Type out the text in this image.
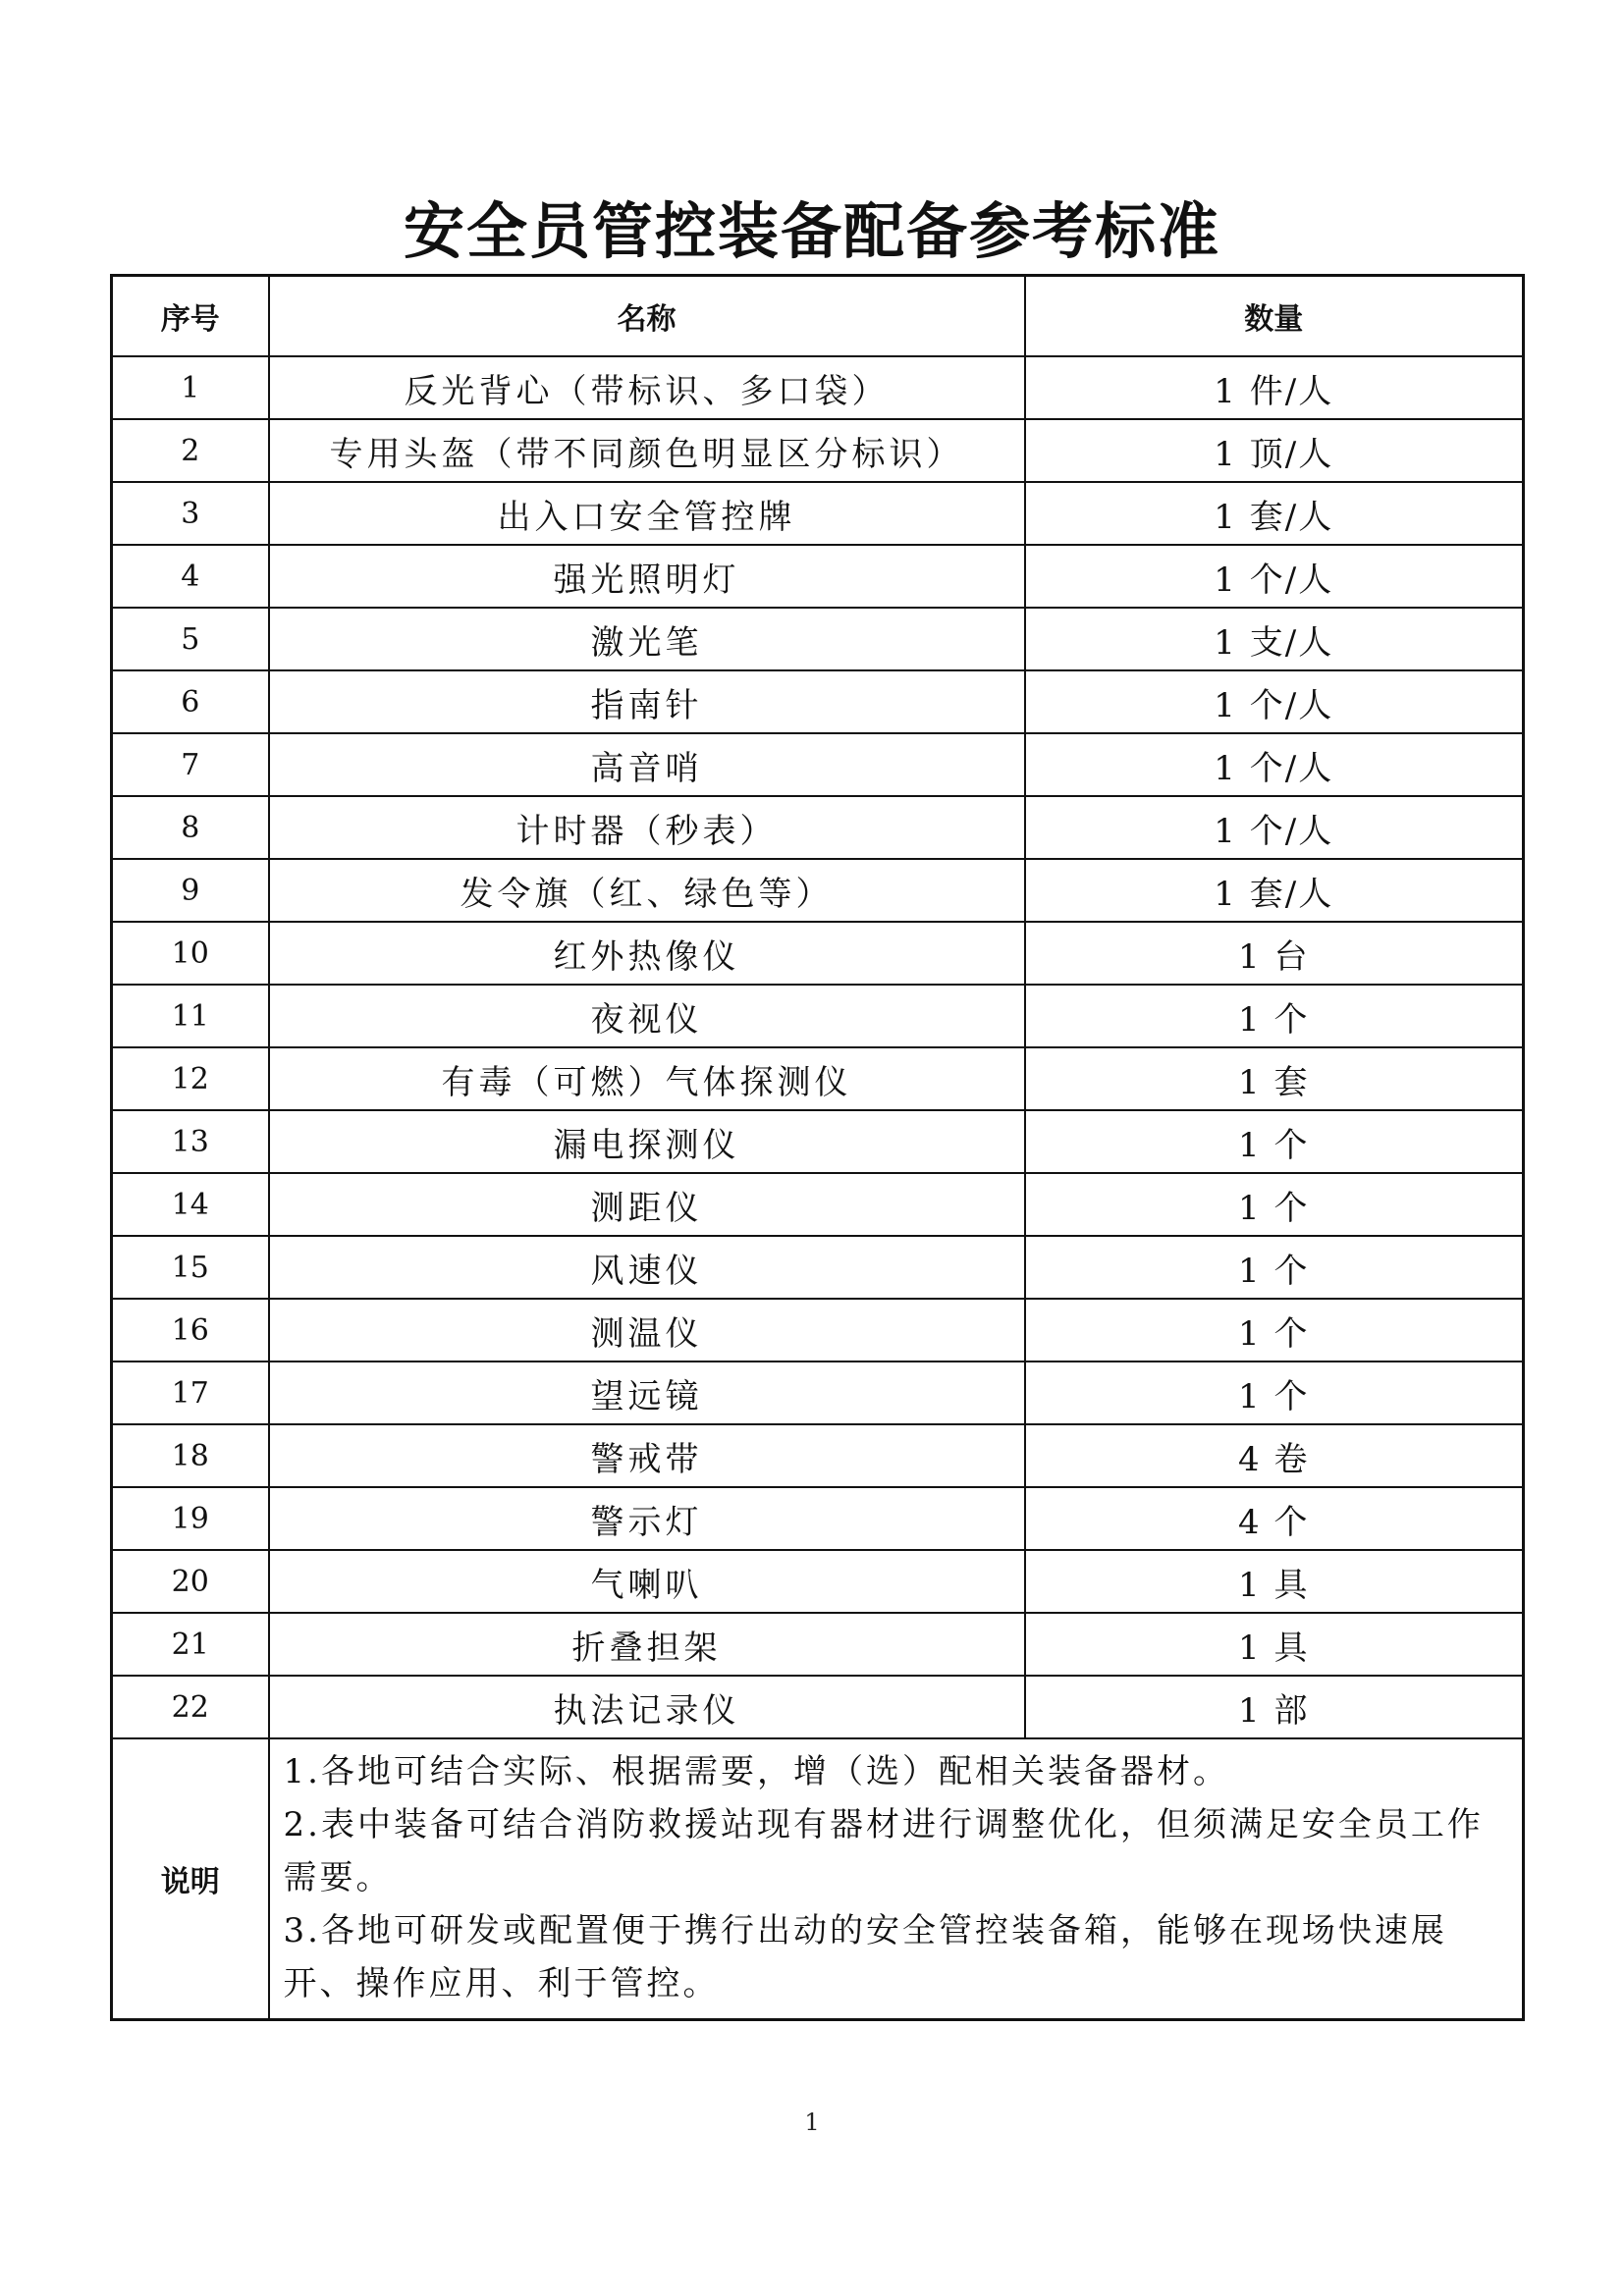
安全员管控装备配备参考标准
序号	名称	数量
1	反光背心（带标识、多口袋）	1 件/人
2	专用头盔（带不同颜色明显区分标识）	1 顶/人
3	出入口安全管控牌	1 套/人
4	强光照明灯	1 个/人
5	激光笔	1 支/人
6	指南针	1 个/人
7	高音哨	1 个/人
8	计时器（秒表）	1 个/人
9	发令旗（红、绿色等）	1 套/人
10	红外热像仪	1 台
11	夜视仪	1 个
12	有毒（可燃）气体探测仪	1 套
13	漏电探测仪	1 个
14	测距仪	1 个
15	风速仪	1 个
16	测温仪	1 个
17	望远镜	1 个
18	警戒带	4 卷
19	警示灯	4 个
20	气喇叭	1 具
21	折叠担架	1 具
22	执法记录仪	1 部
说明	1.各地可结合实际、根据需要，增（选）配相关装备器材。
2.表中装备可结合消防救援站现有器材进行调整优化，但须满足安全员工作需要。
3.各地可研发或配置便于携行出动的安全管控装备箱，能够在现场快速展开、操作应用、利于管控。	
1
